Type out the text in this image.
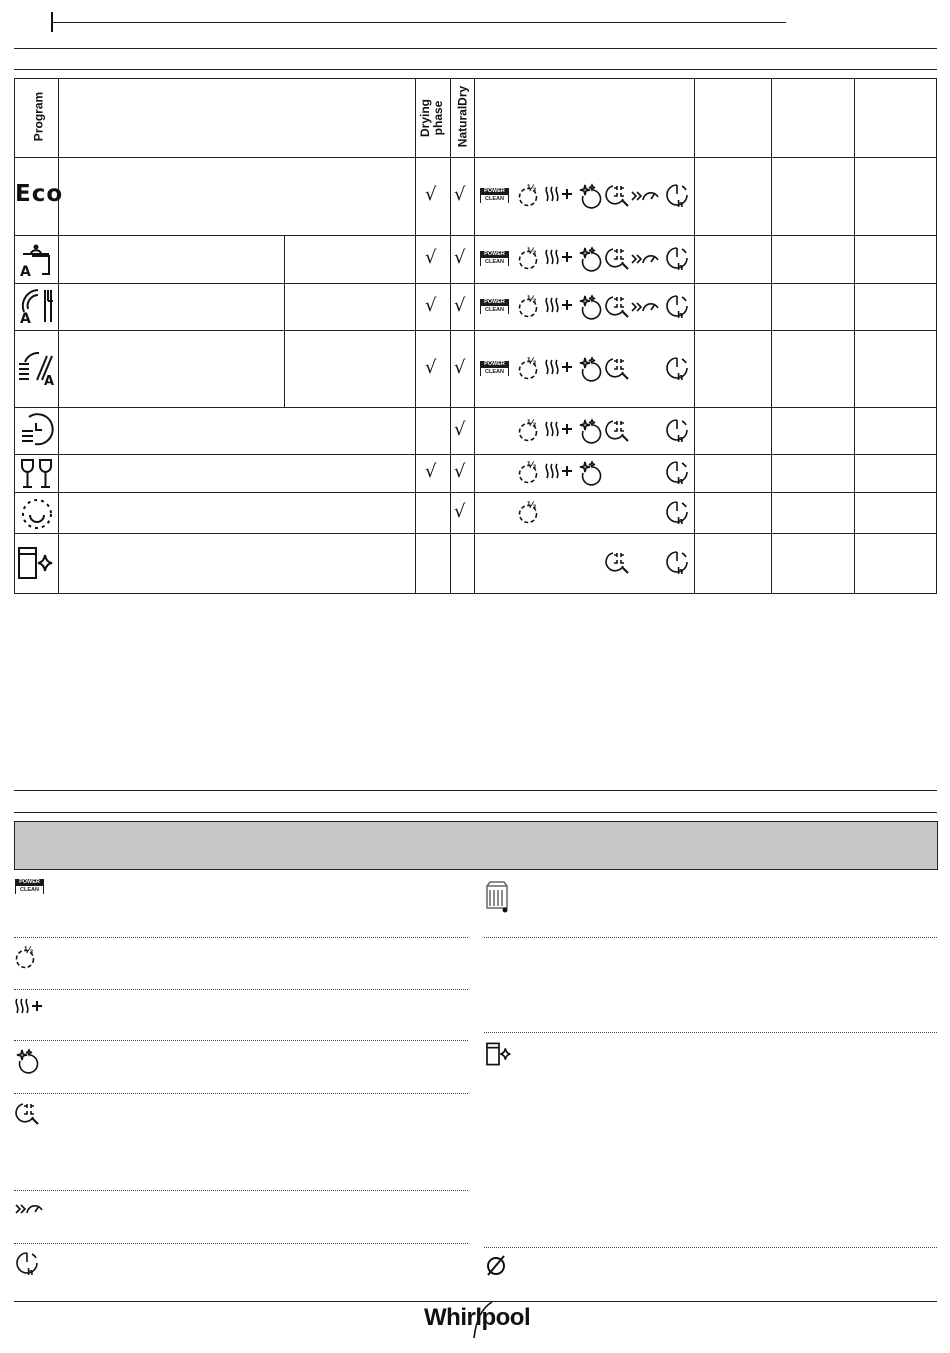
Program	Drying phase NaturalDry
Eco
A
A
A
√ √
√ √
√ √
√ √
√
√ √
√
POWER
CLEAN
½
h
POWER
CLEAN
½
h
POWER
CLEAN
½
h
POWER
CLEAN
½
h
½
h
½
h
½
h
h
POWER
CLEAN
½
h
Whirlpool
